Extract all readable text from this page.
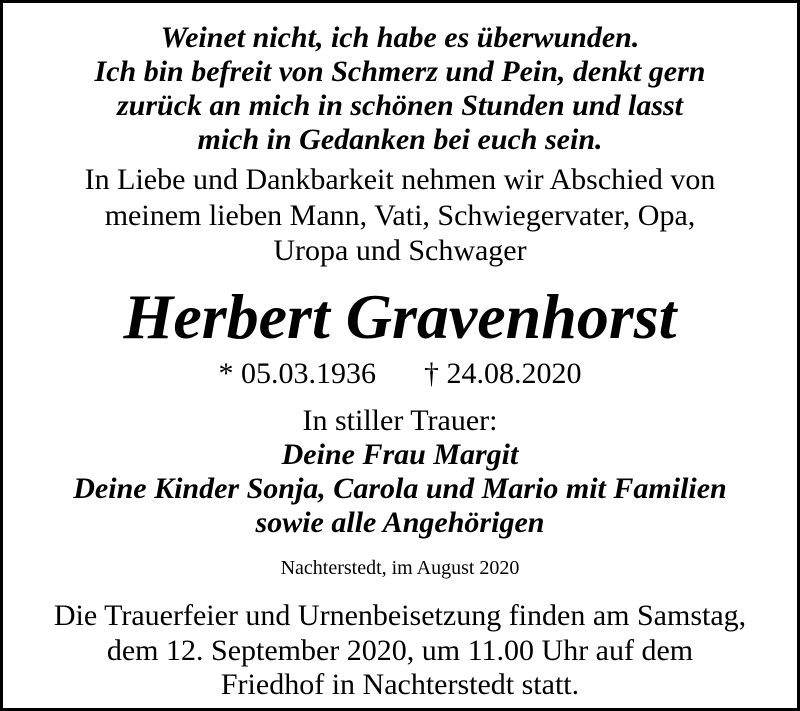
Weinet nicht, ich habe es überwunden.

Ich bin befreit von Schmerz und Pein, denkt gern

zurück an mich in schönen Stunden und lasst

mich in Gedanken bei euch sein.

In Liebe und Dankbarkeit nehmen wir Abschied von

meinem lieben Mann, Vati, Schwiegervater, Opa,

Uropa und Schwager

Herbert Gravenhorst

* 05.03.1936 † 24.08.2020

In stiller Trauer:

Deine Frau Margit

Deine Kinder Sonja, Carola und Mario mit Familien

sowie alle Angehörigen

Nachterstedt, im August 2020

Die Trauerfeier und Urnenbeisetzung finden am Samstag,

dem 12. September 2020, um 11.00 Uhr auf dem

Friedhof in Nachterstedt statt.
